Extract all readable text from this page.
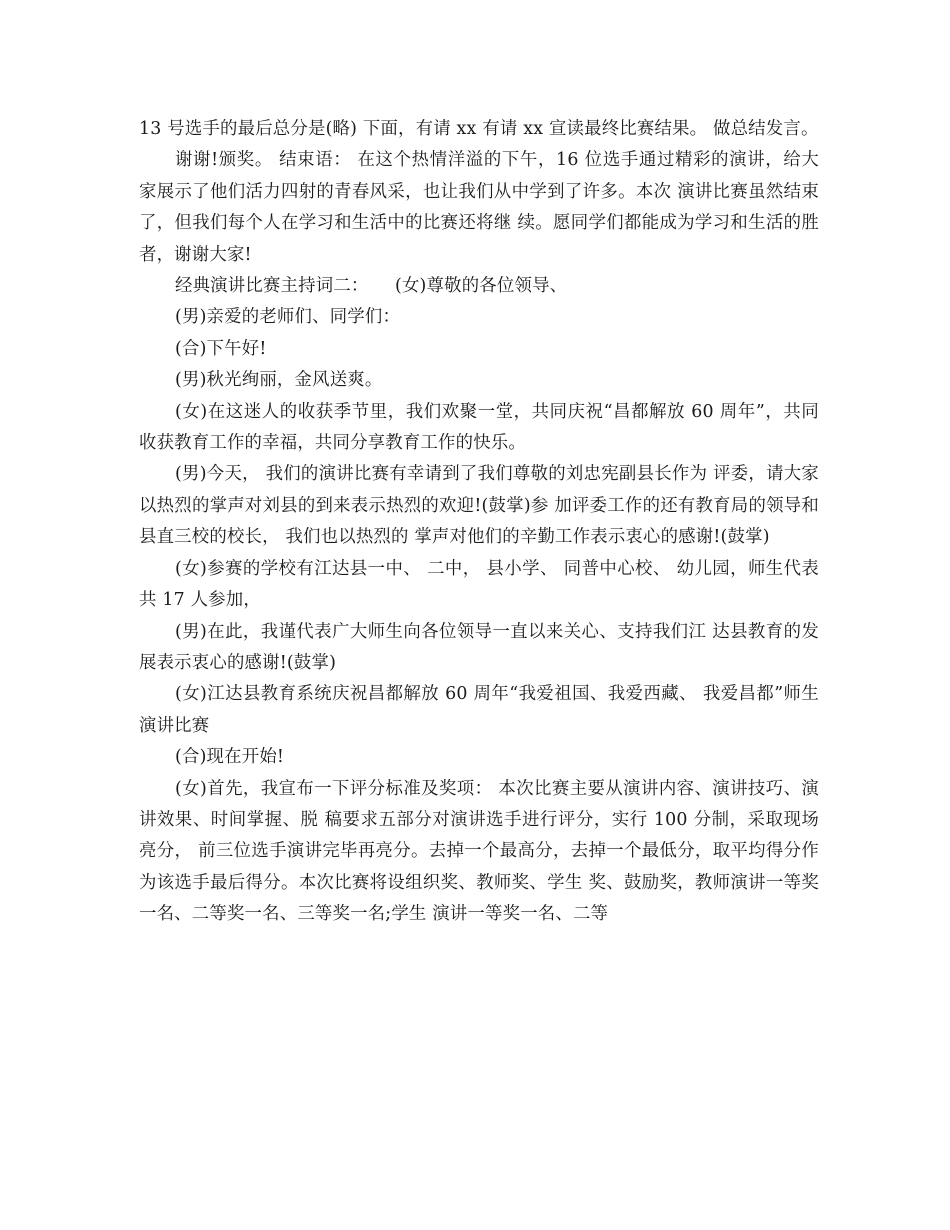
13 号选手的最后总分是(略) 下面，有请 xx 有请 xx 宣读最终比赛结果。 做总结发言。

谢谢!颁奖。 结束语： 在这个热情洋溢的下午，16 位选手通过精彩的演讲，给大 家展示了他们活力四射的青春风采，也让我们从中学到了许多。本次 演讲比赛虽然结束了，但我们每个人在学习和生活中的比赛还将继 续。愿同学们都能成为学习和生活的胜者，谢谢大家!

经典演讲比赛主持词二：　　(女)尊敬的各位领导、

(男)亲爱的老师们、同学们：

(合)下午好!

(男)秋光绚丽，金风送爽。

(女)在这迷人的收获季节里，我们欢聚一堂，共同庆祝“昌都解放 60 周年”，共同收获教育工作的幸福，共同分享教育工作的快乐。

(男)今天， 我们的演讲比赛有幸请到了我们尊敬的刘忠宪副县长作为 评委，请大家以热烈的掌声对刘县的到来表示热烈的欢迎!(鼓掌)参 加评委工作的还有教育局的领导和县直三校的校长， 我们也以热烈的 掌声对他们的辛勤工作表示衷心的感谢!(鼓掌)

(女)参赛的学校有江达县一中、 二中， 县小学、 同普中心校、 幼儿园，师生代表共 17 人参加，

(男)在此，我谨代表广大师生向各位领导一直以来关心、支持我们江 达县教育的发展表示衷心的感谢!(鼓掌)

(女)江达县教育系统庆祝昌都解放 60 周年“我爱祖国、我爱西藏、 我爱昌都”师生演讲比赛

(合)现在开始!

(女)首先，我宣布一下评分标准及奖项： 本次比赛主要从演讲内容、演讲技巧、演讲效果、时间掌握、脱 稿要求五部分对演讲选手进行评分，实行 100 分制，采取现场亮分， 前三位选手演讲完毕再亮分。去掉一个最高分，去掉一个最低分，取平均得分作为该选手最后得分。本次比赛将设组织奖、教师奖、学生 奖、鼓励奖，教师演讲一等奖一名、二等奖一名、三等奖一名;学生 演讲一等奖一名、二等
